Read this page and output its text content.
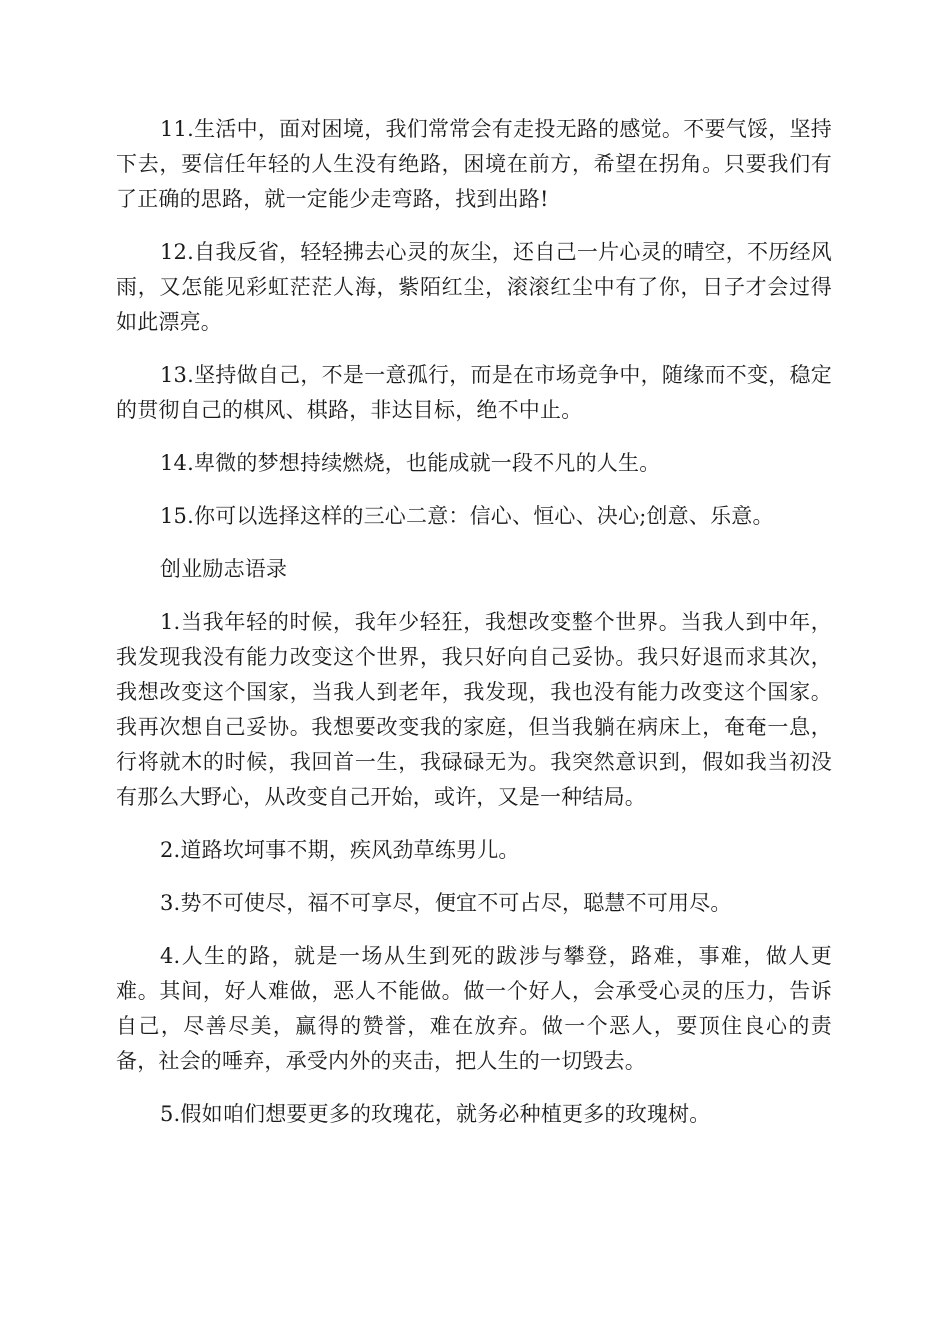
11.生活中，面对困境，我们常常会有走投无路的感觉。不要气馁，坚持下去，要信任年轻的人生没有绝路，困境在前方，希望在拐角。只要我们有了正确的思路，就一定能少走弯路，找到出路!

12.自我反省，轻轻拂去心灵的灰尘，还自己一片心灵的晴空，不历经风雨，又怎能见彩虹茫茫人海，紫陌红尘，滚滚红尘中有了你，日子才会过得如此漂亮。

13.坚持做自己，不是一意孤行，而是在市场竞争中，随缘而不变，稳定的贯彻自己的棋风、棋路，非达目标，绝不中止。

14.卑微的梦想持续燃烧，也能成就一段不凡的人生。

15.你可以选择这样的三心二意：信心、恒心、决心;创意、乐意。

创业励志语录

1.当我年轻的时候，我年少轻狂，我想改变整个世界。当我人到中年，我发现我没有能力改变这个世界，我只好向自己妥协。我只好退而求其次，我想改变这个国家，当我人到老年，我发现，我也没有能力改变这个国家。我再次想自己妥协。我想要改变我的家庭，但当我躺在病床上，奄奄一息，行将就木的时候，我回首一生，我碌碌无为。我突然意识到，假如我当初没有那么大野心，从改变自己开始，或许，又是一种结局。

2.道路坎坷事不期，疾风劲草练男儿。

3.势不可使尽，福不可享尽，便宜不可占尽，聪慧不可用尽。

4.人生的路，就是一场从生到死的跋涉与攀登，路难，事难，做人更难。其间，好人难做，恶人不能做。做一个好人，会承受心灵的压力，告诉自己，尽善尽美，赢得的赞誉，难在放弃。做一个恶人，要顶住良心的责备，社会的唾弃，承受内外的夹击，把人生的一切毁去。

5.假如咱们想要更多的玫瑰花，就务必种植更多的玫瑰树。
